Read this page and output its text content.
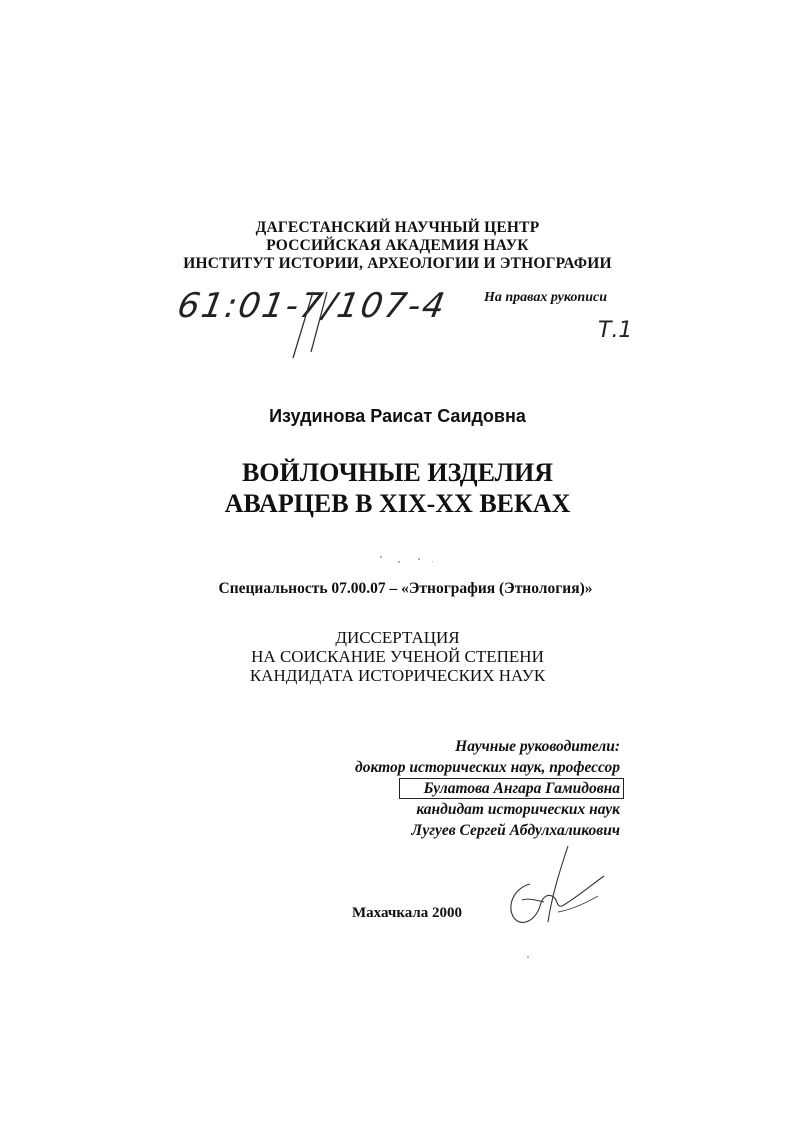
ДАГЕСТАНСКИЙ НАУЧНЫЙ ЦЕНТР
РОССИЙСКАЯ АКАДЕМИЯ НАУК
ИНСТИТУТ ИСТОРИИ, АРХЕОЛОГИИ И ЭТНОГРАФИИ
61:01-7/107-4 На правах рукописи
Т.1
Изудинова Раисат Саидовна
ВОЙЛОЧНЫЕ ИЗДЕЛИЯ
АВАРЦЕВ В XIX-XX ВЕКАХ
Специальность 07.00.07 – «Этнография (Этнология)»
ДИССЕРТАЦИЯ
НА СОИСКАНИЕ УЧЕНОЙ СТЕПЕНИ
КАНДИДАТА ИСТОРИЧЕСКИХ НАУК
Научные руководители:
доктор исторических наук, профессор
Булатова Ангара Гамидовна
кандидат исторических наук
Лугуев Сергей Абдулхаликович
Махачкала 2000
